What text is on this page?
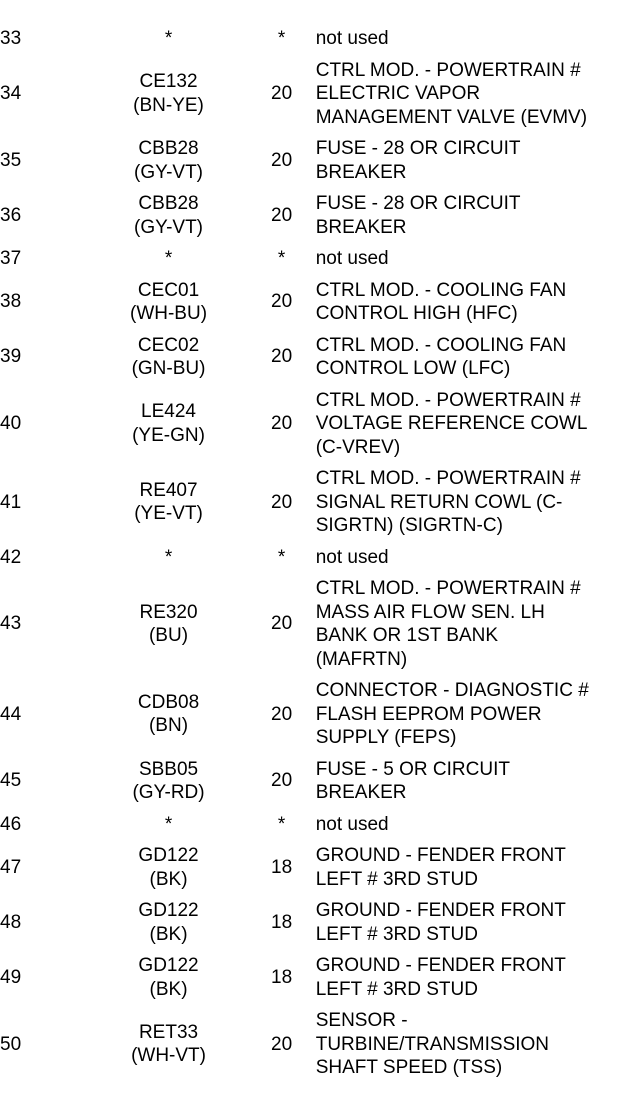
33	*	*	not used

34	CE132
(BN-YE)	20	CTRL MOD. - POWERTRAIN #
ELECTRIC VAPOR
MANAGEMENT VALVE (EVMV)

35	CBB28
(GY-VT)	20	FUSE - 28 OR CIRCUIT
BREAKER

36	CBB28
(GY-VT)	20	FUSE - 28 OR CIRCUIT
BREAKER

37	*	*	not used

38	CEC01
(WH-BU)	20	CTRL MOD. - COOLING FAN
CONTROL HIGH (HFC)

39	CEC02
(GN-BU)	20	CTRL MOD. - COOLING FAN
CONTROL LOW (LFC)

40	LE424
(YE-GN)	20	CTRL MOD. - POWERTRAIN #
VOLTAGE REFERENCE COWL
(C-VREV)

41	RE407
(YE-VT)	20	CTRL MOD. - POWERTRAIN #
SIGNAL RETURN COWL (C-
SIGRTN) (SIGRTN-C)

42	*	*	not used

43	RE320
(BU)	20	CTRL MOD. - POWERTRAIN #
MASS AIR FLOW SEN. LH
BANK OR 1ST BANK
(MAFRTN)

44	CDB08
(BN)	20	CONNECTOR - DIAGNOSTIC #
FLASH EEPROM POWER
SUPPLY (FEPS)

45	SBB05
(GY-RD)	20	FUSE - 5 OR CIRCUIT
BREAKER

46	*	*	not used

47	GD122
(BK)	18	GROUND - FENDER FRONT
LEFT # 3RD STUD

48	GD122
(BK)	18	GROUND - FENDER FRONT
LEFT # 3RD STUD

49	GD122
(BK)	18	GROUND - FENDER FRONT
LEFT # 3RD STUD

50	RET33
(WH-VT)	20	SENSOR -
TURBINE/TRANSMISSION
SHAFT SPEED (TSS)
